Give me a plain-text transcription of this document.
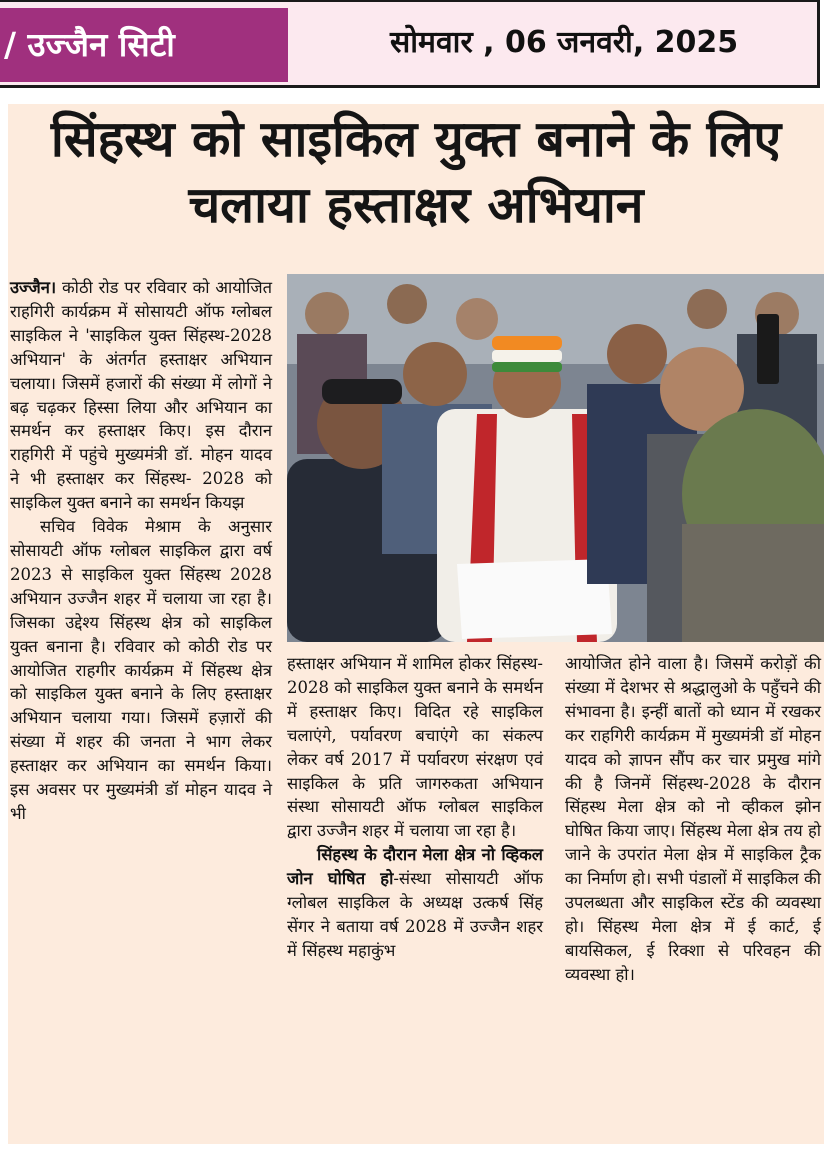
/ उज्जैन सिटी	सोमवार , 06 जनवरी, 2025
सिंहस्थ को साइकिल युक्त बनाने के लिए चलाया हस्ताक्षर अभियान

उज्जैन। कोठी रोड पर रविवार को आयोजित राहगिरी कार्यक्रम में सोसायटी ऑफ ग्लोबल साइकिल ने 'साइकिल युक्त सिंहस्थ-2028 अभियान' के अंतर्गत हस्ताक्षर अभियान चलाया। जिसमें हजारों की संख्या में लोगों ने बढ़ चढ़कर हिस्सा लिया और अभियान का समर्थन कर हस्ताक्षर किए। इस दौरान राहगिरी में पहुंचे मुख्यमंत्री डॉ. मोहन यादव ने भी हस्ताक्षर कर सिंहस्थ- 2028 को साइकिल युक्त बनाने का समर्थन कियझ

सचिव विवेक मेश्राम के अनुसार सोसायटी ऑफ ग्लोबल साइकिल द्वारा वर्ष 2023 से साइकिल युक्त सिंहस्थ 2028 अभियान उज्जैन शहर में चलाया जा रहा है। जिसका उद्देश्य सिंहस्थ क्षेत्र को साइकिल युक्त बनाना है। रविवार को कोठी रोड पर आयोजित राहगीर कार्यक्रम में सिंहस्थ क्षेत्र को साइकिल युक्त बनाने के लिए हस्ताक्षर अभियान चलाया गया। जिसमें हज़ारों की संख्या में शहर की जनता ने भाग लेकर हस्ताक्षर कर अभियान का समर्थन किया। इस अवसर पर मुख्यमंत्री डॉ मोहन यादव ने भी

हस्ताक्षर अभियान में शामिल होकर सिंहस्थ- 2028 को साइकिल युक्त बनाने के समर्थन में हस्ताक्षर किए। विदित रहे साइकिल चलाएंगे, पर्यावरण बचाएंगे का संकल्प लेकर वर्ष 2017 में पर्यावरण संरक्षण एवं साइकिल के प्रति जागरुकता अभियान संस्था सोसायटी ऑफ ग्लोबल साइकिल द्वारा उज्जैन शहर में चलाया जा रहा है।

सिंहस्थ के दौरान मेला क्षेत्र नो व्हिकल जोन घोषित हो-संस्था सोसायटी ऑफ ग्लोबल साइकिल के अध्यक्ष उत्कर्ष सिंह सेंगर ने बताया वर्ष 2028 में उज्जैन शहर में सिंहस्थ महाकुंभ

आयोजित होने वाला है। जिसमें करोड़ों की संख्या में देशभर से श्रद्धालुओ के पहुँचने की संभावना है। इन्हीं बातों को ध्यान में रखकर कर राहगिरी कार्यक्रम में मुख्यमंत्री डॉ मोहन यादव को ज्ञापन सौंप कर चार प्रमुख मांगे की है जिनमें सिंहस्थ-2028 के दौरान सिंहस्थ मेला क्षेत्र को नो व्हीकल झोन घोषित किया जाए। सिंहस्थ मेला क्षेत्र तय हो जाने के उपरांत मेला क्षेत्र में साइकिल ट्रैक का निर्माण हो। सभी पंडालों में साइकिल की उपलब्धता और साइकिल स्टेंड की व्यवस्था हो। सिंहस्थ मेला क्षेत्र में ई कार्ट, ई बायसिकल, ई रिक्शा से परिवहन की व्यवस्था हो।
